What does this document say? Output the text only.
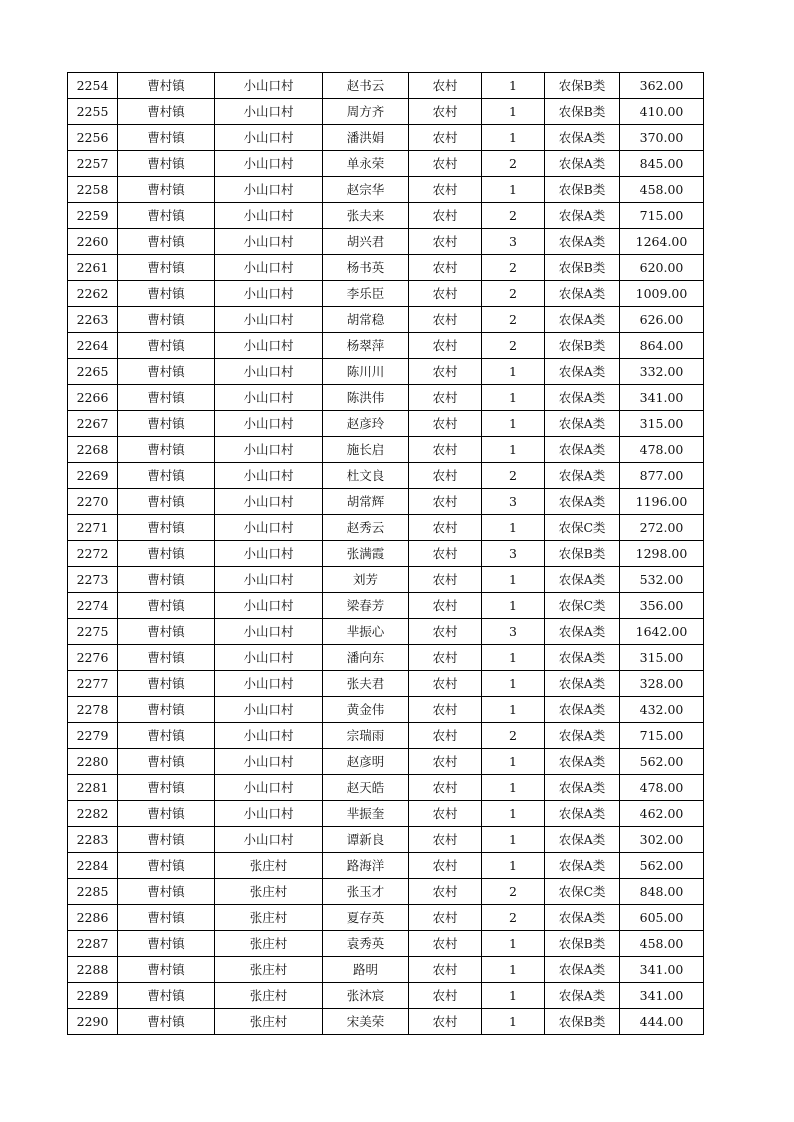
2254	曹村镇	小山口村	赵书云	农村	1	农保B类	362.00
2255	曹村镇	小山口村	周方齐	农村	1	农保B类	410.00
2256	曹村镇	小山口村	潘洪娟	农村	1	农保A类	370.00
2257	曹村镇	小山口村	单永荣	农村	2	农保A类	845.00
2258	曹村镇	小山口村	赵宗华	农村	1	农保B类	458.00
2259	曹村镇	小山口村	张夫来	农村	2	农保A类	715.00
2260	曹村镇	小山口村	胡兴君	农村	3	农保A类	1264.00
2261	曹村镇	小山口村	杨书英	农村	2	农保B类	620.00
2262	曹村镇	小山口村	李乐臣	农村	2	农保A类	1009.00
2263	曹村镇	小山口村	胡常稳	农村	2	农保A类	626.00
2264	曹村镇	小山口村	杨翠萍	农村	2	农保B类	864.00
2265	曹村镇	小山口村	陈川川	农村	1	农保A类	332.00
2266	曹村镇	小山口村	陈洪伟	农村	1	农保A类	341.00
2267	曹村镇	小山口村	赵彦玲	农村	1	农保A类	315.00
2268	曹村镇	小山口村	施长启	农村	1	农保A类	478.00
2269	曹村镇	小山口村	杜文良	农村	2	农保A类	877.00
2270	曹村镇	小山口村	胡常辉	农村	3	农保A类	1196.00
2271	曹村镇	小山口村	赵秀云	农村	1	农保C类	272.00
2272	曹村镇	小山口村	张满霞	农村	3	农保B类	1298.00
2273	曹村镇	小山口村	刘芳	农村	1	农保A类	532.00
2274	曹村镇	小山口村	梁春芳	农村	1	农保C类	356.00
2275	曹村镇	小山口村	芈振心	农村	3	农保A类	1642.00
2276	曹村镇	小山口村	潘向东	农村	1	农保A类	315.00
2277	曹村镇	小山口村	张夫君	农村	1	农保A类	328.00
2278	曹村镇	小山口村	黄金伟	农村	1	农保A类	432.00
2279	曹村镇	小山口村	宗瑞雨	农村	2	农保A类	715.00
2280	曹村镇	小山口村	赵彦明	农村	1	农保A类	562.00
2281	曹村镇	小山口村	赵天皓	农村	1	农保A类	478.00
2282	曹村镇	小山口村	芈振奎	农村	1	农保A类	462.00
2283	曹村镇	小山口村	谭新良	农村	1	农保A类	302.00
2284	曹村镇	张庄村	路海洋	农村	1	农保A类	562.00
2285	曹村镇	张庄村	张玉才	农村	2	农保C类	848.00
2286	曹村镇	张庄村	夏存英	农村	2	农保A类	605.00
2287	曹村镇	张庄村	袁秀英	农村	1	农保B类	458.00
2288	曹村镇	张庄村	路明	农村	1	农保A类	341.00
2289	曹村镇	张庄村	张沐宸	农村	1	农保A类	341.00
2290	曹村镇	张庄村	宋美荣	农村	1	农保B类	444.00
